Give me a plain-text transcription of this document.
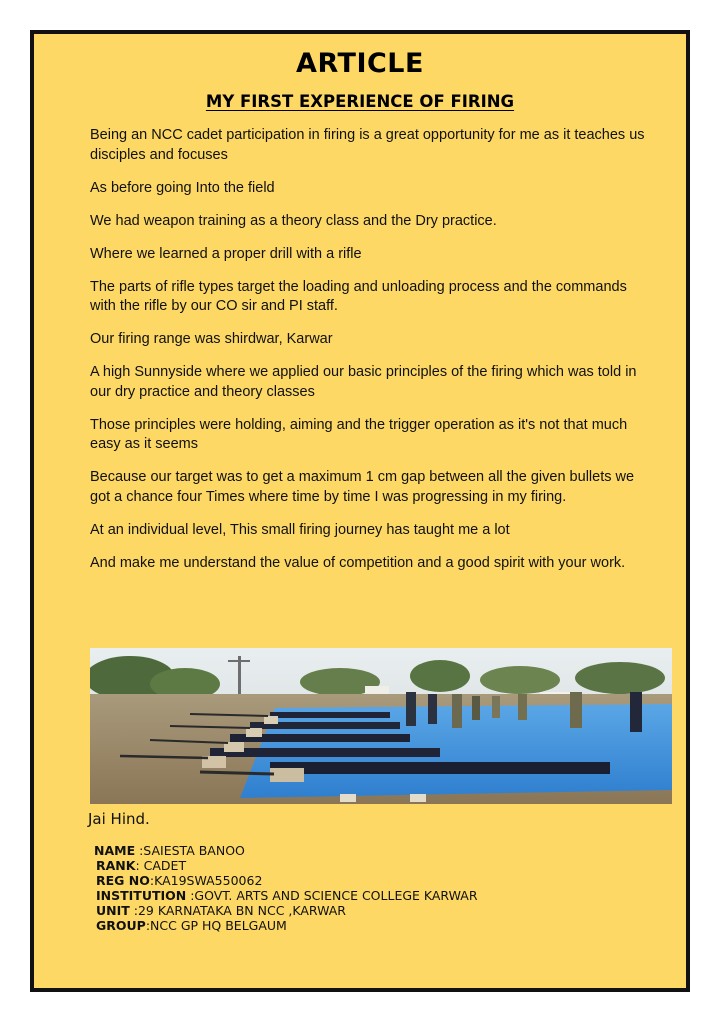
ARTICLE
MY FIRST EXPERIENCE OF FIRING

Being an NCC cadet participation in firing is a great opportunity for me as it teaches us disciples and focuses

As before going Into the field

We had weapon training as a theory class and the Dry practice.

Where we learned a proper drill with a rifle

The parts of rifle types target the loading and unloading process and the commands with the rifle by our CO sir and PI staff.

Our firing range was shirdwar, Karwar

A high Sunnyside where we applied our basic principles of the firing which was told in our dry practice and theory classes

Those principles were holding, aiming and the trigger operation as it's not that much easy as it seems

Because our target was to get a maximum 1 cm gap between all the given bullets we got a chance four Times where time by time I was progressing in my firing.

At an individual level, This small firing journey has taught me a lot

And make me understand the value of competition and a good spirit with your work.

Jai Hind.
NAME :SAIESTA BANOO
RANK: CADET
REG NO:KA19SWA550062
INSTITUTION :GOVT. ARTS AND SCIENCE COLLEGE KARWAR
UNIT :29 KARNATAKA BN NCC ,KARWAR
GROUP:NCC GP HQ BELGAUM
